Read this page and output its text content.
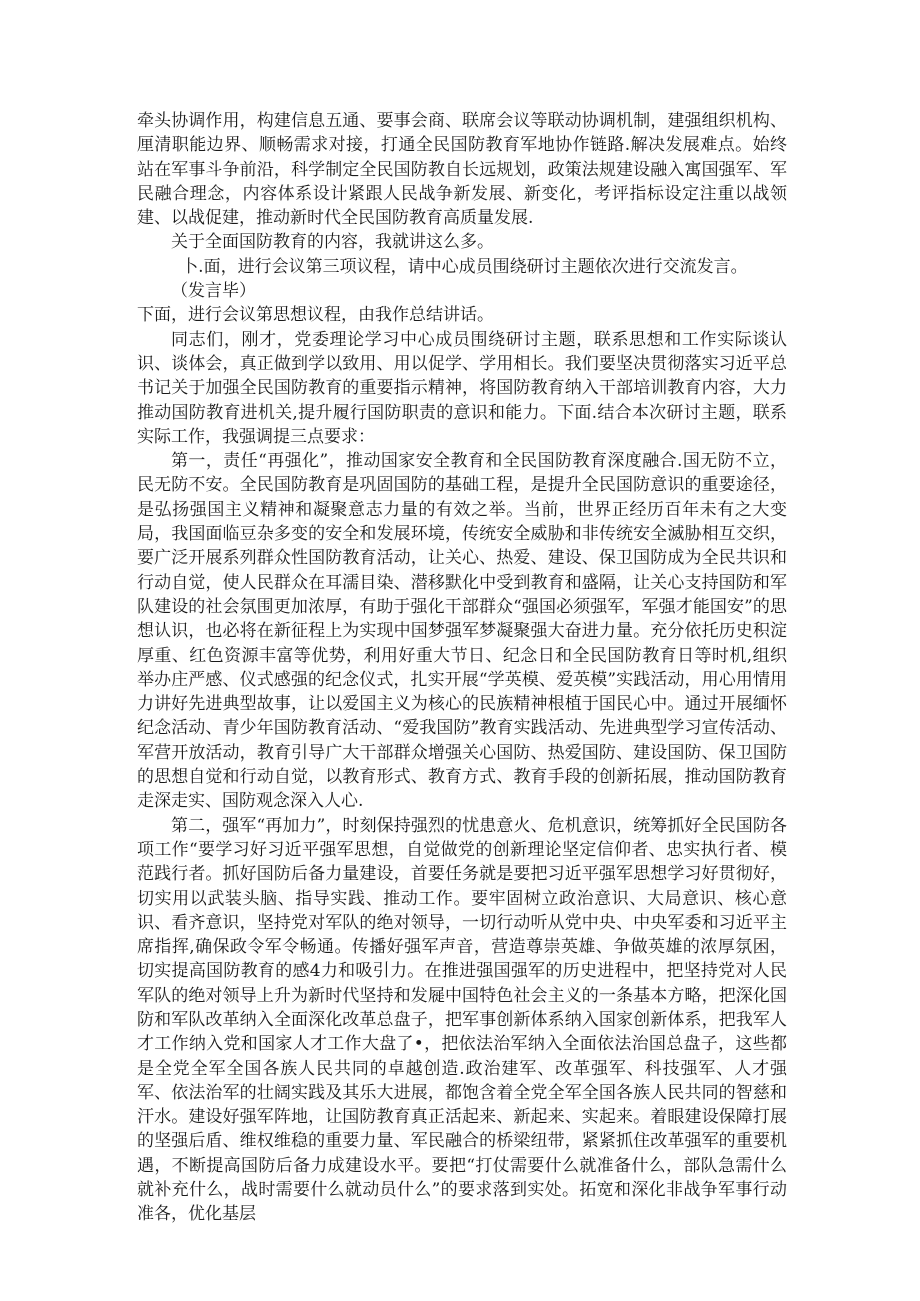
牵头协调作用，构建信息五通、要事会商、联席会议等联动协调机制，建强组织机构、厘清职能边界、顺畅需求对接，打通全民国防教育军地协作链路.解决发展难点。始终站在军事斗争前沿，科学制定全民国防教自长远规划，政策法规建设融入寓国强军、军民融合理念，内容体系设计紧跟人民战争新发展、新变化，考评指标设定注重以战领建、以战促建，推动新时代全民国防教育高质量发展.

关于全面国防教育的内容，我就讲这么多。

卜.面，进行会议第三项议程，请中心成员围绕研讨主题依次进行交流发言。

（发言毕）

下面，进行会议第思想议程，由我作总结讲话。

同志们，刚才，党委理论学习中心成员围绕研讨主题，联系思想和工作实际谈认识、谈体会，真正做到学以致用、用以促学、学用相长。我们要坚决贯彻落实习近平总书记关于加强全民国防教育的重要指示精神，将国防教育纳入干部培训教育内容，大力推动国防教育进机关,提升履行国防职责的意识和能力。下面.结合本次研讨主题，联系实际工作，我强调提三点要求：

第一，责任“再强化”，推动国家安全教育和全民国防教育深度融合.国无防不立，民无防不安。全民国防教育是巩固国防的基础工程，是提升全民国防意识的重要途径，是弘扬强国主义精神和凝聚意志力量的有效之举。当前，世界正经历百年未有之大变局，我国面临豆杂多变的安全和发展环境，传统安全威胁和非传统安全滅胁相互交织，要广泛开展系列群众性国防教育活动，让关心、热爱、建设、保卫国防成为全民共识和行动自觉，使人民群众在耳濡目染、潜移默化中受到教育和盛隔，让关心支持国防和军队建设的社会氛围更加浓厚，有助于强化干部群众“强国必须强军，军强才能国安”的思想认识，也必将在新征程上为实现中国梦强军梦凝聚强大奋进力量。充分依托历史积淀厚重、红色资源丰富等优势，利用好重大节日、纪念日和全民国防教育日等时机,组织举办庄严感、仪式感强的纪念仪式，扎实开展“学英模、爱英模”实践活动，用心用情用力讲好先进典型故事，让以爱国主义为核心的民族精神根植于国民心中。通过开展缅怀纪念活动、青少年国防教育活动、“爱我国防”教育实践活动、先进典型学习宣传活动、军营开放活动，教育引导广大干部群众增强关心国防、热爱国防、建设国防、保卫国防的思想自觉和行动自觉，以教育形式、教育方式、教育手段的创新拓展，推动国防教育走深走实、国防观念深入人心.

第二，强军“再加力”，时刻保持强烈的忧患意火、危机意识，统筹抓好全民国防各项工作“要学习好习近平强军思想，自觉做党的创新理论坚定信仰者、忠实执行者、模范践行者。抓好国防后备力量建设，首要任务就是要把习近平强军思想学习好贯彻好，切实用以武装头脑、指导实践、推动工作。要牢固树立政治意识、大局意识、核心意识、看齐意识，坚持党对军队的绝对领导，一切行动听从党中央、中央军委和习近平主席指挥,确保政令军令畅通。传播好强军声音，营造尊崇英雄、争做英雄的浓厚氛困，切实提高国防教育的感4力和吸引力。在推进强国强军的历史进程中，把坚持党对人民军队的绝对领导上升为新时代坚持和发屣中国特色社会主义的一条基本方略，把深化国防和军队改革纳入全面深化改革总盘子，把军事创新体系纳入国家创新体系，把我军人才工作纳入党和国家人才工作大盘了•，把依法治军纳入全面依法治国总盘子，这些都是全党全军全国各族人民共同的卓越创造.政治建军、改革强军、科技强军、人才强军、依法治军的壮阔实践及其乐大进展，都饱含着全党全军全国各族人民共同的智慈和汗水。建设好强军阵地，让国防教育真正活起来、新起来、实起来。着眼建设保障打展的坚强后盾、维权维稳的重要力量、军民融合的桥梁纽带，紧紧抓住改革强军的重要机遇，不断提高国防后备力成建设水平。要把“打仗需要什么就准备什么，部队急需什么就补充什么，战时需要什么就动员什么”的要求落到实处。拓宽和深化非战争军事行动准各，优化基层
